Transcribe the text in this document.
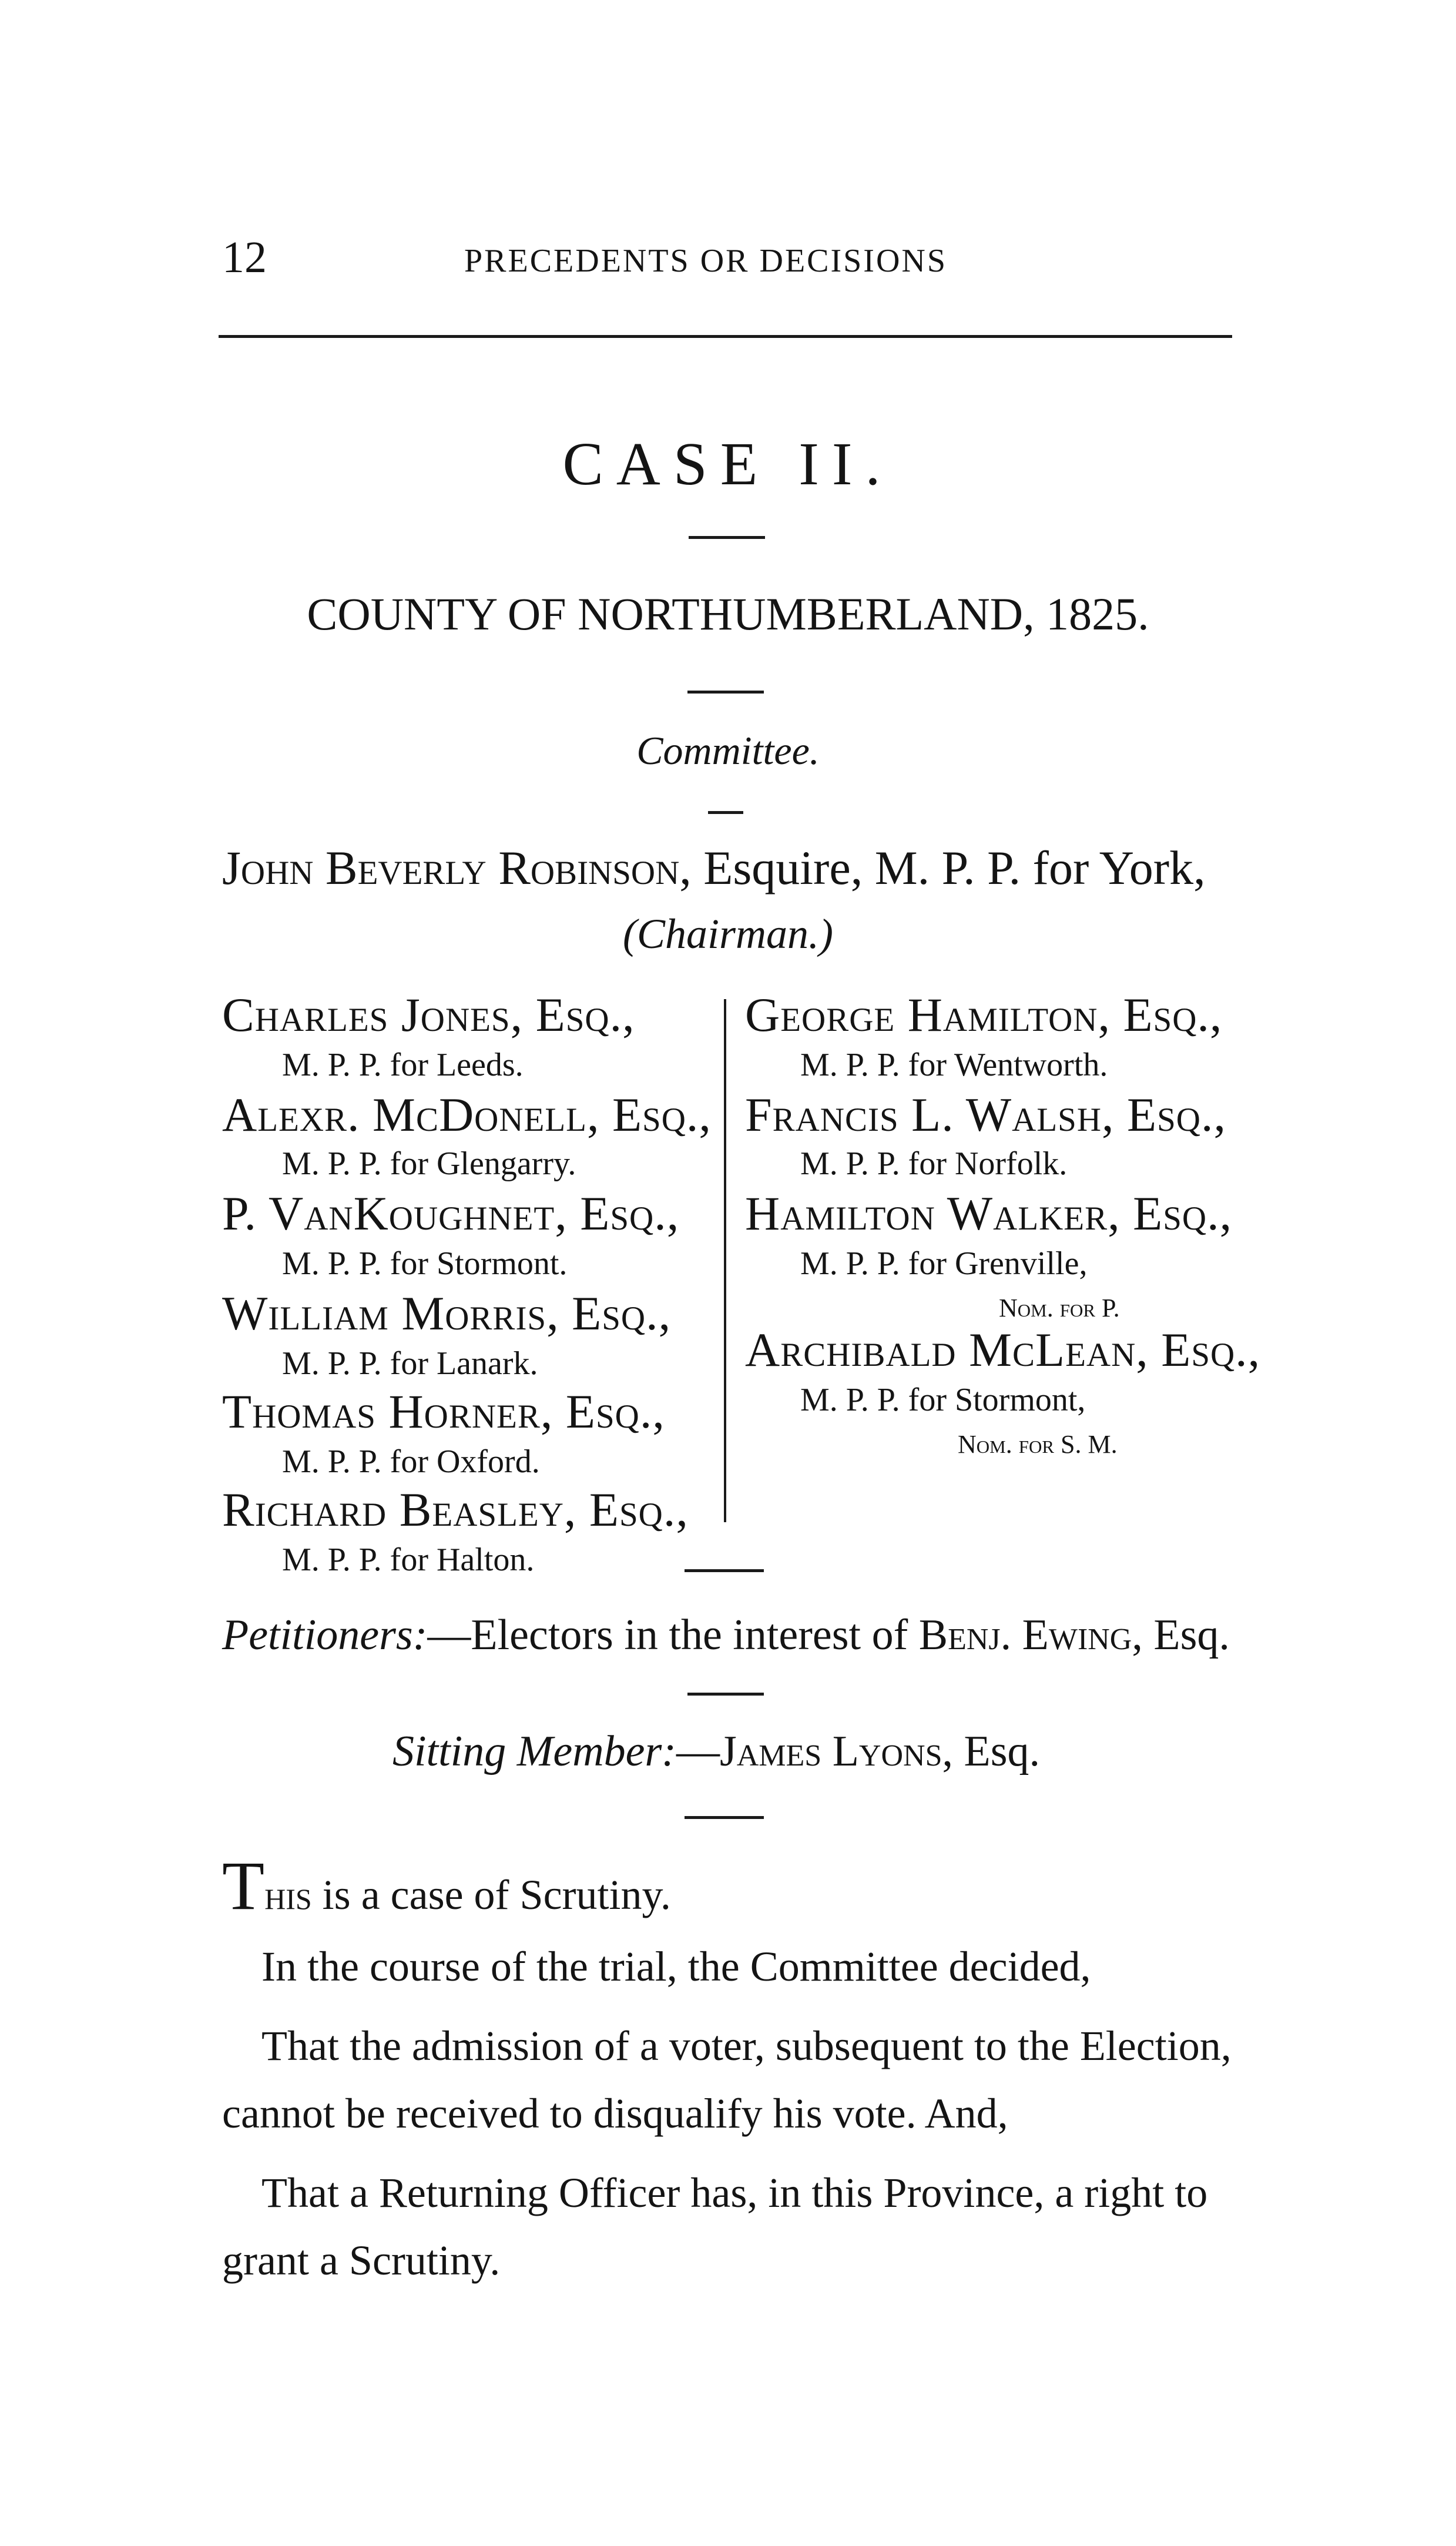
12	PRECEDENTS OR DECISIONS
CASE II.
COUNTY OF NORTHUMBERLAND, 1825.
Committee.
John Beverly Robinson, Esquire, M. P. P. for York,
(Chairman.)
Charles Jones, Esq.,
M. P. P. for Leeds.
Alexr. McDonell, Esq.,
M. P. P. for Glengarry.
P. VanKoughnet, Esq.,
M. P. P. for Stormont.
William Morris, Esq.,
M. P. P. for Lanark.
Thomas Horner, Esq.,
M. P. P. for Oxford.
Richard Beasley, Esq.,
M. P. P. for Halton.
George Hamilton, Esq.,
M. P. P. for Wentworth.
Francis L. Walsh, Esq.,
M. P. P. for Norfolk.
Hamilton Walker, Esq.,
M. P. P. for Grenville,
Nom. for P.
Archibald McLean, Esq.,
M. P. P. for Stormont,
Nom. for S. M.
Petitioners:—Electors in the interest of Benj. Ewing, Esq.
Sitting Member:—James Lyons, Esq.
This is a case of Scrutiny.
In the course of the trial, the Committee decided,
That the admission of a voter, subsequent to the Election,
cannot be received to disqualify his vote. And,
That a Returning Officer has, in this Province, a right to
grant a Scrutiny.
